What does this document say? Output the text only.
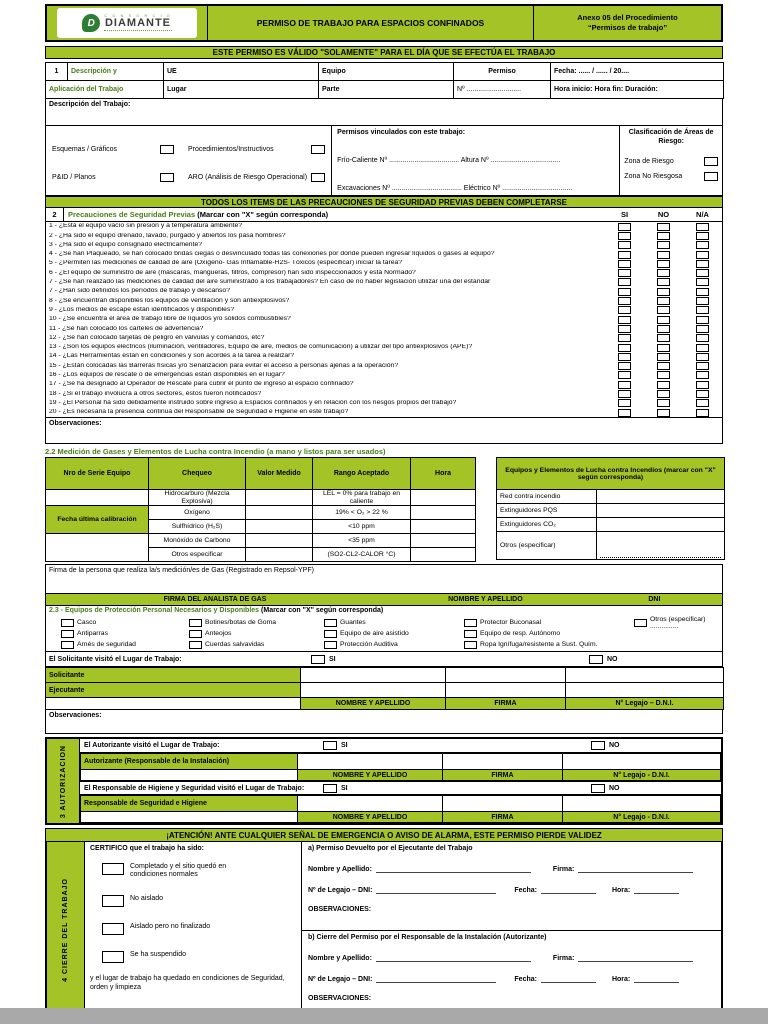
D
C O N S O R C I O
DIAMANTE	PERMISO DE TRABAJO PARA ESPACIOS CONFINADOS
Anexo 05 del Procedimiento
“Permisos de trabajo”
ESTE PERMISO ES VÁLIDO "SOLAMENTE" PARA EL DÍA QUE SE EFECTÚA EL TRABAJO
1	Descripción y	UE	Equipo	Permiso	Fecha: ...... / ...... / 20....
Aplicación del Trabajo		Lugar	Parte	Nº ............................	Hora inicio: Hora fin: Duración:
Descripción del Trabajo:
Esquemas / Gráficos	Procedimientos/Instructivos
P&ID / Planos	ARO (Análisis de Riesgo Operacional)
Permisos vinculados con este trabajo:
Frío-Caliente Nº .................................... Altura Nº ....................................
Excavaciones Nº .................................... Eléctrico Nº ....................................
Clasificación de Áreas de Riesgo:
Zona de Riesgo
Zona No Riesgosa
TODOS LOS ITEMS DE LAS PRECAUCIONES DE SEGURIDAD PREVIAS DEBEN COMPLETARSE
2	Precauciones de Seguridad Previas (Marcar con "X" según corresponda)	SI	NO	N/A
1 - ¿Está el equipo vacío sin presión y a temperatura ambiente?
2 - ¿Ha sido el equipo drenado, lavado, purgado y abiertos los pasa hombres?
3 - ¿Ha sido el equipo consignado eléctricamente?
4 - ¿Se han Plaqueado, se han colocado bridas ciegas o desvinculado todas las conexiones por donde pueden ingresar líquidos o gases al equipo?
5 - ¿Permiten las mediciones de calidad de aire (Oxígeno- Gas Inflamable-H2S- Tóxicos (especificar) iniciar la tarea?
6 - ¿El equipo de suministro de aire (máscaras, mangueras, filtros, compresor) han sido inspeccionados y está Normado?
7 - ¿Se han realizado las mediciones de calidad del aire suministrado a los trabajadores? En caso de no haber legislación utilizar una del estandar
7 - ¿Han sido definidos los períodos de trabajo y descanso?
8 - ¿Se encuentran disponibles los equipos de ventilación y son antiexplosivos?
9 - ¿Los medios de escape están identificados y disponibles?
10 - ¿Se encuentra el área de trabajo libre de líquidos y/o sólidos combustibles?
11 - ¿Se han colocado los carteles de advertencia?
12 - ¿Se han colocado tarjetas de peligro en válvulas y comandos, etc?
13 - ¿Son los equipos eléctricos (iluminación, ventiladores, Equipo de aire, medios de comunicación) a utilizar del tipo antiexplosivos (APE)?
14 - ¿Las Herramientas están en condiciones y son acordes a la tarea a realizar?
15 - ¿Están colocadas las Barreras físicas y/o Señalización para evitar el acceso a personas ajenas a la operación?
16 - ¿Los equipos de rescate o de emergencias están disponibles en el lugar?
17 - ¿Se ha designado al Operador de Rescate para cubrir el punto de ingreso al espacio confinado?
18 - ¿Si el trabajo involucra a otros sectores, éstos fueron notificados?
19 - ¿El Personal ha sido debidamente instruido sobre ingreso a Espacios confinados y en relación con los riesgos propios del trabajo?
20 - ¿Es necesaria la presencia continua del Responsable de Seguridad e Higiene en este trabajo?
Observaciones:
2.2 Medición de Gases y Elementos de Lucha contra Incendio (a mano y listos para ser usados)
Nro de Serie Equipo	Chequeo	Valor Medido	Rango Aceptado	Hora
	Hidrocarburo (Mezcla Explosiva)		LEL = 0% para trabajo en caliente	
Fecha última calibración	Oxígeno		19% < O₂ > 22 %	
	Sulfhídrico (H₂S)		<10 ppm	
	Monóxido de Carbono		<35 ppm	
	Otros especificar		(SO2-CL2-CALOR °C)	
Equipos y Elementos de Lucha contra Incendios (marcar con "X" según corresponda)	
Red contra incendio	
Extinguidores PQS	
Extinguidores CO₂	
Otros (especificar)	
Firma de la persona que realiza la/s medición/es de Gas (Registrado en Repsol-YPF)
FIRMA DEL ANALISTA DE GAS	NOMBRE Y APELLIDO	DNI
2.3 - Equipos de Protección Personal Necesarios y Disponibles (Marcar con "X" según corresponda)
Casco
Antiparras
Arnés de seguridad
Botines/botas de Goma
Anteojos
Cuerdas salvavidas
Guantes
Equipo de aire asistido
Protección Auditiva
Protector Buconasal
Equipo de resp. Autónomo
Ropa Ignífuga/resistente a Sust. Quím.
Otros (especificar) ...............
El Solicitante visitó el Lugar de Trabajo:	SI	NO
Solicitante			
Ejecutante			
	NOMBRE Y APELLIDO	FIRMA	N° Legajo – D.N.I.
Observaciones:
3 AUTORIZACION	El Autorizante visitó el Lugar de Trabajo:	SI	NO
Autorizante (Responsable de la Instalación)			
	NOMBRE Y APELLIDO	FIRMA	N° Legajo - D.N.I.
El Responsable de Higiene y Seguridad visitó el Lugar de Trabajo:	SI	NO
Responsable de Seguridad e Higiene			
	NOMBRE Y APELLIDO	FIRMA	N° Legajo - D.N.I.
¡ATENCIÓN! ANTE CUALQUIER SEÑAL DE EMERGENCIA O AVISO DE ALARMA, ESTE PERMISO PIERDE VALIDEZ
4 CIERRE DEL TRABAJO
CERTIFICO que el trabajo ha sido:
Completado y el sitio quedó en condiciones normales
No aislado
Aislado pero no finalizado
Se ha suspendido
y el lugar de trabajo ha quedado en condiciones de Seguridad, orden y limpieza
a) Permiso Devuelto por el Ejecutante del Trabajo
Nombre y Apellido:	Firma:
Nº de Legajo – DNI:	Fecha:	Hora:
OBSERVACIONES:
b) Cierre del Permiso por el Responsable de la Instalación (Autorizante)
Nombre y Apellido:	Firma:
Nº de Legajo – DNI:	Fecha:	Hora:
OBSERVACIONES:
